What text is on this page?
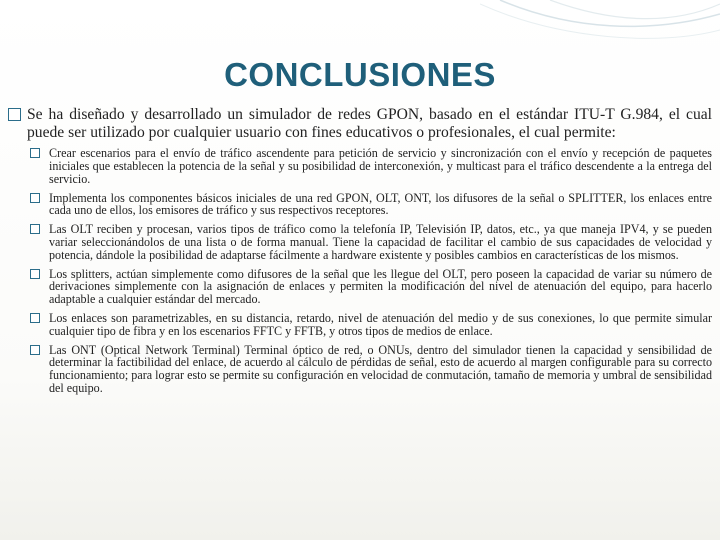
CONCLUSIONES
Se ha diseñado y desarrollado un simulador de redes GPON, basado en el estándar ITU-T G.984, el cual puede ser utilizado por cualquier usuario con fines educativos o profesionales, el cual permite:
Crear escenarios para el envío de tráfico ascendente para petición de servicio y sincronización con el envío y recepción de paquetes iniciales que establecen la potencia de la señal y su posibilidad de interconexión, y multicast para el tráfico descendente a la entrega del servicio.
Implementa los componentes básicos iniciales de una red GPON, OLT, ONT, los difusores de la señal o SPLITTER, los enlaces entre cada uno de ellos, los emisores de tráfico y sus respectivos receptores.
Las OLT reciben y procesan, varios tipos de tráfico como la telefonía IP, Televisión IP, datos, etc., ya que maneja IPV4, y se pueden variar seleccionándolos de una lista o de forma manual. Tiene la capacidad de facilitar el cambio de sus capacidades de velocidad y potencia, dándole la posibilidad de adaptarse fácilmente a hardware existente y posibles cambios en características de los mismos.
Los splitters, actúan simplemente como difusores de la señal que les llegue del OLT, pero poseen la capacidad de variar su número de derivaciones simplemente con la asignación de enlaces y permiten la modificación del nivel de atenuación del equipo, para hacerlo adaptable a cualquier estándar del mercado.
Los enlaces son parametrizables, en su distancia, retardo, nivel de atenuación del medio y de sus conexiones, lo que permite simular cualquier tipo de fibra y en los escenarios FFTC y FFTB, y otros tipos de medios de enlace.
Las ONT (Optical Network Terminal) Terminal óptico de red, o ONUs, dentro del simulador tienen la capacidad y sensibilidad de determinar la factibilidad del enlace, de acuerdo al cálculo de pérdidas de señal, esto de acuerdo al margen configurable para su correcto funcionamiento; para lograr esto se permite su configuración en velocidad de conmutación, tamaño de memoria y umbral de sensibilidad del equipo.
